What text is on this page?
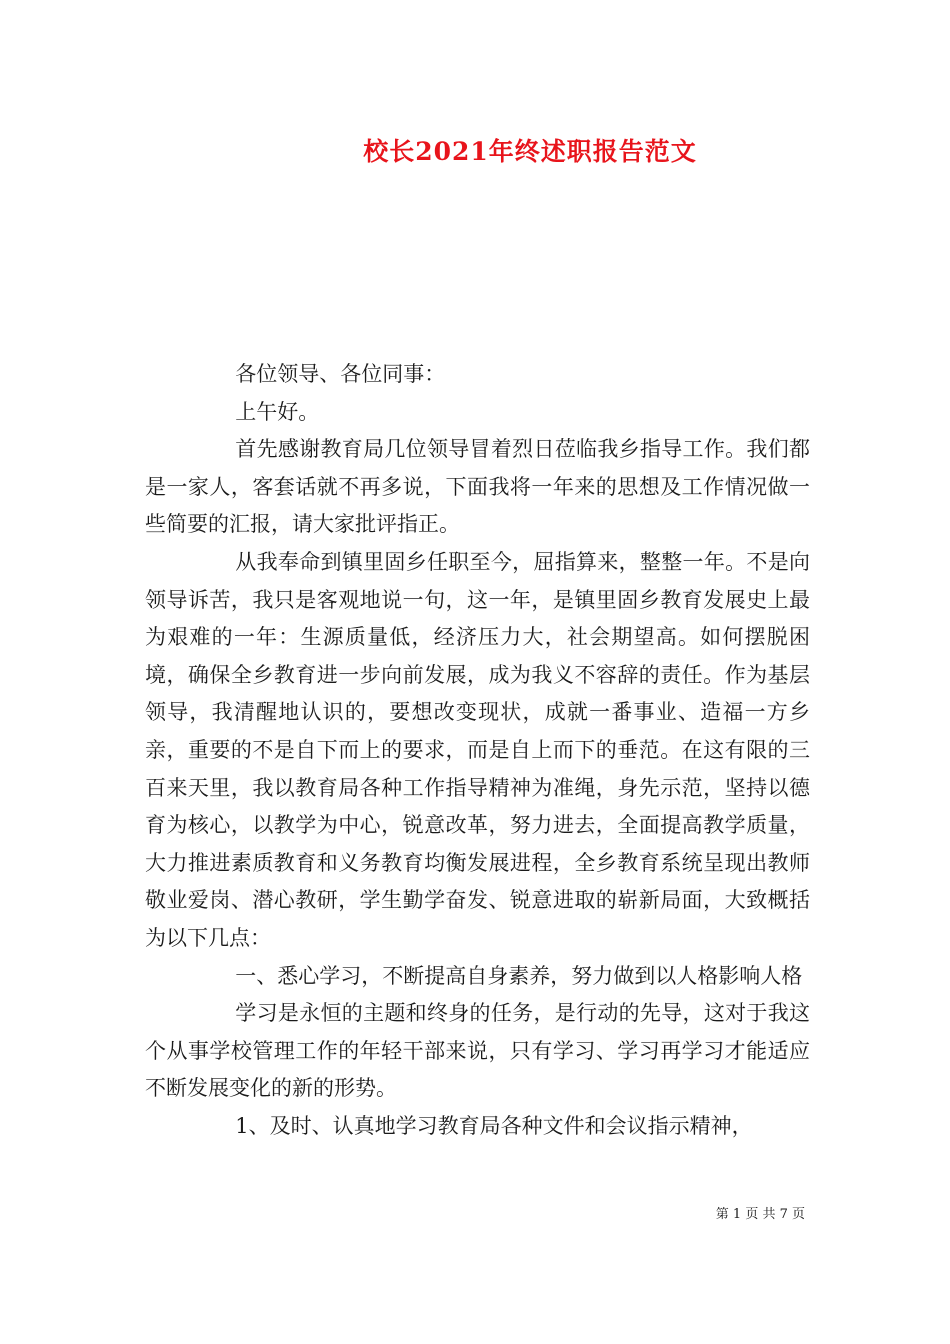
校长2021年终述职报告范文

各位领导、各位同事：

上午好。

首先感谢教育局几位领导冒着烈日莅临我乡指导工作。我们都是一家人，客套话就不再多说，下面我将一年来的思想及工作情况做一些简要的汇报，请大家批评指正。

从我奉命到镇里固乡任职至今，屈指算来，整整一年。不是向领导诉苦，我只是客观地说一句，这一年，是镇里固乡教育发展史上最为艰难的一年：生源质量低，经济压力大，社会期望高。如何摆脱困境，确保全乡教育进一步向前发展，成为我义不容辞的责任。作为基层领导，我清醒地认识的，要想改变现状，成就一番事业、造福一方乡亲，重要的不是自下而上的要求，而是自上而下的垂范。在这有限的三百来天里，我以教育局各种工作指导精神为准绳，身先示范，坚持以德育为核心，以教学为中心，锐意改革，努力进去，全面提高教学质量，大力推进素质教育和义务教育均衡发展进程，全乡教育系统呈现出教师敬业爱岗、潜心教研，学生勤学奋发、锐意进取的崭新局面，大致概括为以下几点：

一、悉心学习，不断提高自身素养，努力做到以人格影响人格

学习是永恒的主题和终身的任务，是行动的先导，这对于我这个从事学校管理工作的年轻干部来说，只有学习、学习再学习才能适应不断发展变化的新的形势。

1、及时、认真地学习教育局各种文件和会议指示精神，

第 1 页 共 7 页
